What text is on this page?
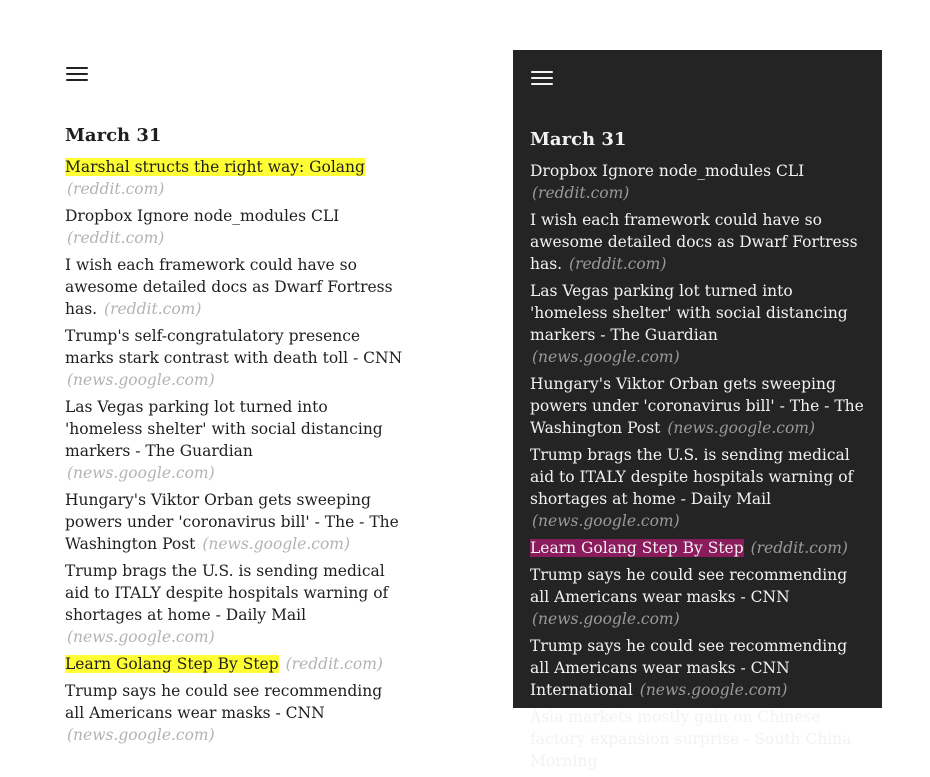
March 31
Marshal structs the right way: Golang (reddit.com)
Dropbox Ignore node_modules CLI (reddit.com)
I wish each framework could have so awesome detailed docs as Dwarf Fortress has. (reddit.com)
Trump's self-congratulatory presence marks stark contrast with death toll - CNN (news.google.com)
Las Vegas parking lot turned into 'homeless shelter' with social distancing markers - The Guardian (news.google.com)
Hungary's Viktor Orban gets sweeping powers under 'coronavirus bill' - The - The Washington Post (news.google.com)
Trump brags the U.S. is sending medical aid to ITALY despite hospitals warning of shortages at home - Daily Mail (news.google.com)
Learn Golang Step By Step (reddit.com)
Trump says he could see recommending all Americans wear masks - CNN (news.google.com)
March 31
Dropbox Ignore node_modules CLI (reddit.com)
I wish each framework could have so awesome detailed docs as Dwarf Fortress has. (reddit.com)
Las Vegas parking lot turned into 'homeless shelter' with social distancing markers - The Guardian (news.google.com)
Hungary's Viktor Orban gets sweeping powers under 'coronavirus bill' - The - The Washington Post (news.google.com)
Trump brags the U.S. is sending medical aid to ITALY despite hospitals warning of shortages at home - Daily Mail (news.google.com)
Learn Golang Step By Step (reddit.com)
Trump says he could see recommending all Americans wear masks - CNN (news.google.com)
Trump says he could see recommending all Americans wear masks - CNN International (news.google.com)
Asia markets mostly gain on Chinese factory expansion surprise - South China Morning
